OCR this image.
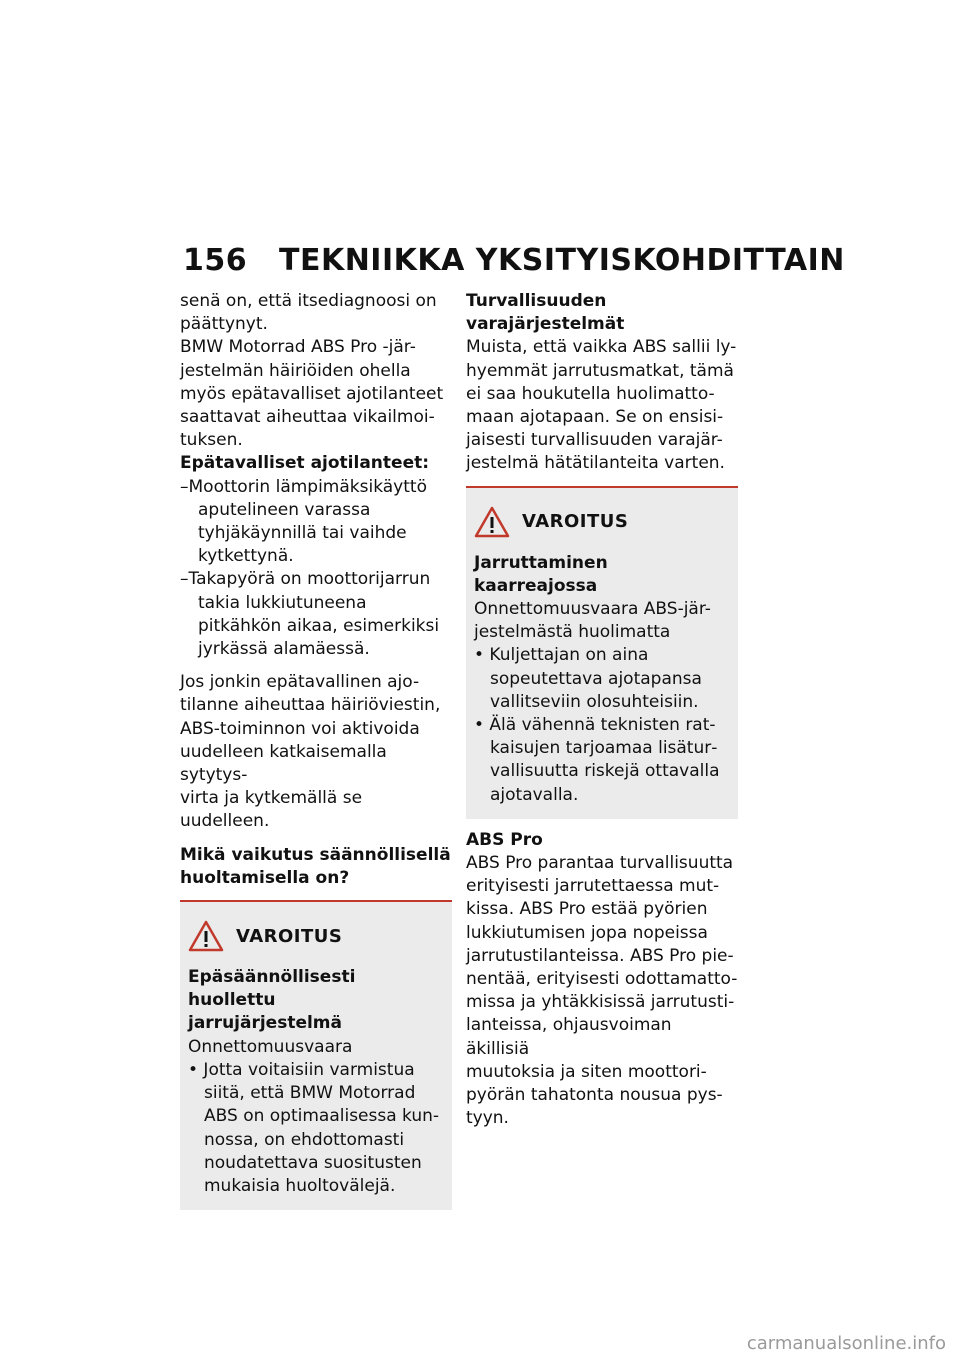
156 TEKNIIKKA YKSITYISKOHDITTAIN

senä on, että itsediagnoosi on

päättynyt.

BMW Motorrad ABS Pro -jär-

jestelmän häiriöiden ohella

myös epätavalliset ajotilanteet

saattavat aiheuttaa vikailmoi-

tuksen.

Epätavalliset ajotilanteet:

–Moottorin lämpimäksikäyttö aputelineen varassa tyhjäkäynnillä tai vaihde kytkettynä.
–Takapyörä on moottorijarrun takia lukkiutuneena pitkähkön aikaa, esimerkiksi jyrkässä alamäessä.

Jos jonkin epätavallinen ajo-

tilanne aiheuttaa häiriöviestin,

ABS-toiminnon voi aktivoida

uudelleen katkaisemalla sytytys-

virta ja kytkemällä se uudelleen.

Mikä vaikutus säännöllisellä

huoltamisella on?

VAROITUS

Epäsäännöllisesti huollettu

jarrujärjestelmä

Onnettomuusvaara

• Jotta voitaisiin varmistua siitä, että BMW Motorrad ABS on optimaalisessa kunnossa, on ehdottomasti noudatettava suositusten mukaisia huoltovälejä.

Turvallisuuden

varajärjestelmät

Muista, että vaikka ABS sallii ly-

hyemmät jarrutusmatkat, tämä

ei saa houkutella huolimatto-

maan ajotapaan. Se on ensisi-

jaisesti turvallisuuden varajär-

jestelmä hätätilanteita varten.

VAROITUS

Jarruttaminen kaarreajossa

Onnettomuusvaara ABS-jär-

jestelmästä huolimatta

• Kuljettajan on aina sopeutettava ajotapansa vallitseviin olosuhteisiin.
• Älä vähennä teknisten ratkaisujen tarjoamaa lisäturvallisuutta riskejä ottavalla ajotavalla.

ABS Pro

ABS Pro parantaa turvallisuutta

erityisesti jarrutettaessa mut-

kissa. ABS Pro estää pyörien

lukkiutumisen jopa nopeissa

jarrutustilanteissa. ABS Pro pie-

nentää, erityisesti odottamatto-

missa ja yhtäkkisissä jarrutusti-

lanteissa, ohjausvoiman äkillisiä

muutoksia ja siten moottori-

pyörän tahatonta nousua pys-

tyyn.

carmanualsonline.info
